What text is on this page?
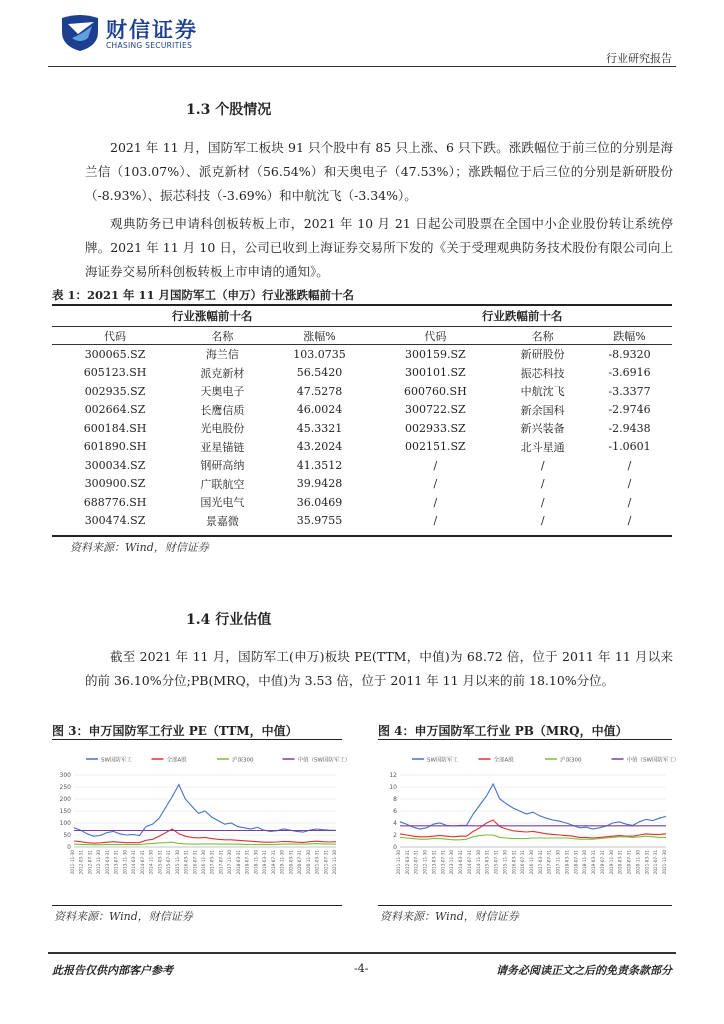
财信证券
CHASING SECURITIES
行业研究报告
1.3 个股情况

2021 年 11 月，国防军工板块 91 只个股中有 85 只上涨、6 只下跌。涨跌幅位于前三位的分别是海兰信（103.07%）、派克新材（56.54%）和天奥电子（47.53%）；涨跌幅位于后三位的分别是新研股份（-8.93%）、振芯科技（-3.69%）和中航沈飞（-3.34%）。

观典防务已申请科创板转板上市，2021 年 10 月 21 日起公司股票在全国中小企业股份转让系统停牌。2021 年 11 月 10 日，公司已收到上海证券交易所下发的《关于受理观典防务技术股份有限公司向上海证券交易所科创板转板上市申请的通知》。

表 1：2021 年 11 月国防军工（申万）行业涨跌幅前十名
行业涨幅前十名			行业跌幅前十名		
代码	名称	涨幅%	代码	名称	跌幅%
300065.SZ	海兰信	103.0735	300159.SZ	新研股份	-8.9320
605123.SH	派克新材	56.5420	300101.SZ	振芯科技	-3.6916
002935.SZ	天奥电子	47.5278	600760.SH	中航沈飞	-3.3377
002664.SZ	长鹰信质	46.0024	300722.SZ	新余国科	-2.9746
600184.SH	光电股份	45.3321	002933.SZ	新兴装备	-2.9438
601890.SH	亚星锚链	43.2024	002151.SZ	北斗星通	-1.0601
300034.SZ	钢研高纳	41.3512	/	/	/
300900.SZ	广联航空	39.9428	/	/	/
688776.SH	国光电气	36.0469	/	/	/
300474.SZ	景嘉微	35.9755	/	/	/
资料来源：Wind，财信证券
1.4 行业估值

截至 2021 年 11 月，国防军工(申万)板块 PE(TTM，中值)为 68.72 倍，位于 2011 年 11 月以来的前 36.10%分位;PB(MRQ，中值)为 3.53 倍，位于 2011 年 11 月以来的前 18.10%分位。

图 3：申万国防军工行业 PE（TTM，中值）
SW国防军工	全部A股	沪深300	中值（SW国防军工）
0
50
100
150
200
250
300
2011-11-30 2012-03-31 2012-07-31 2012-11-30 2013-03-31 2013-07-31 2013-11-30 2014-03-31 2014-07-31 2014-11-30 2015-03-31 2015-07-31 2015-11-30 2016-03-31 2016-07-31 2016-11-30 2017-03-31 2017-07-31 2017-11-30 2018-03-31 2018-07-31 2018-11-30 2019-03-31 2019-07-31 2019-11-30 2020-03-31 2020-07-31 2020-11-30 2021-03-31 2021-07-31 2021-11-30
资料来源：Wind，财信证券
图 4：申万国防军工行业 PB（MRQ，中值）
SW国防军工	全部A股	沪深300	中值（SW国防军工）
0
2
4
6
8
10
12
2011-11-30 2012-03-31 2012-07-31 2012-11-30 2013-03-31 2013-07-31 2013-11-30 2014-03-31 2014-07-31 2014-11-30 2015-03-31 2015-07-31 2015-11-30 2016-03-31 2016-07-31 2016-11-30 2017-03-31 2017-07-31 2017-11-30 2018-03-31 2018-07-31 2018-11-30 2019-03-31 2019-07-31 2019-11-30 2020-03-31 2020-07-31 2020-11-30 2021-03-31 2021-07-31 2021-11-30
资料来源：Wind，财信证券
此报告仅供内部客户参考	-4-	请务必阅读正文之后的免责条款部分
